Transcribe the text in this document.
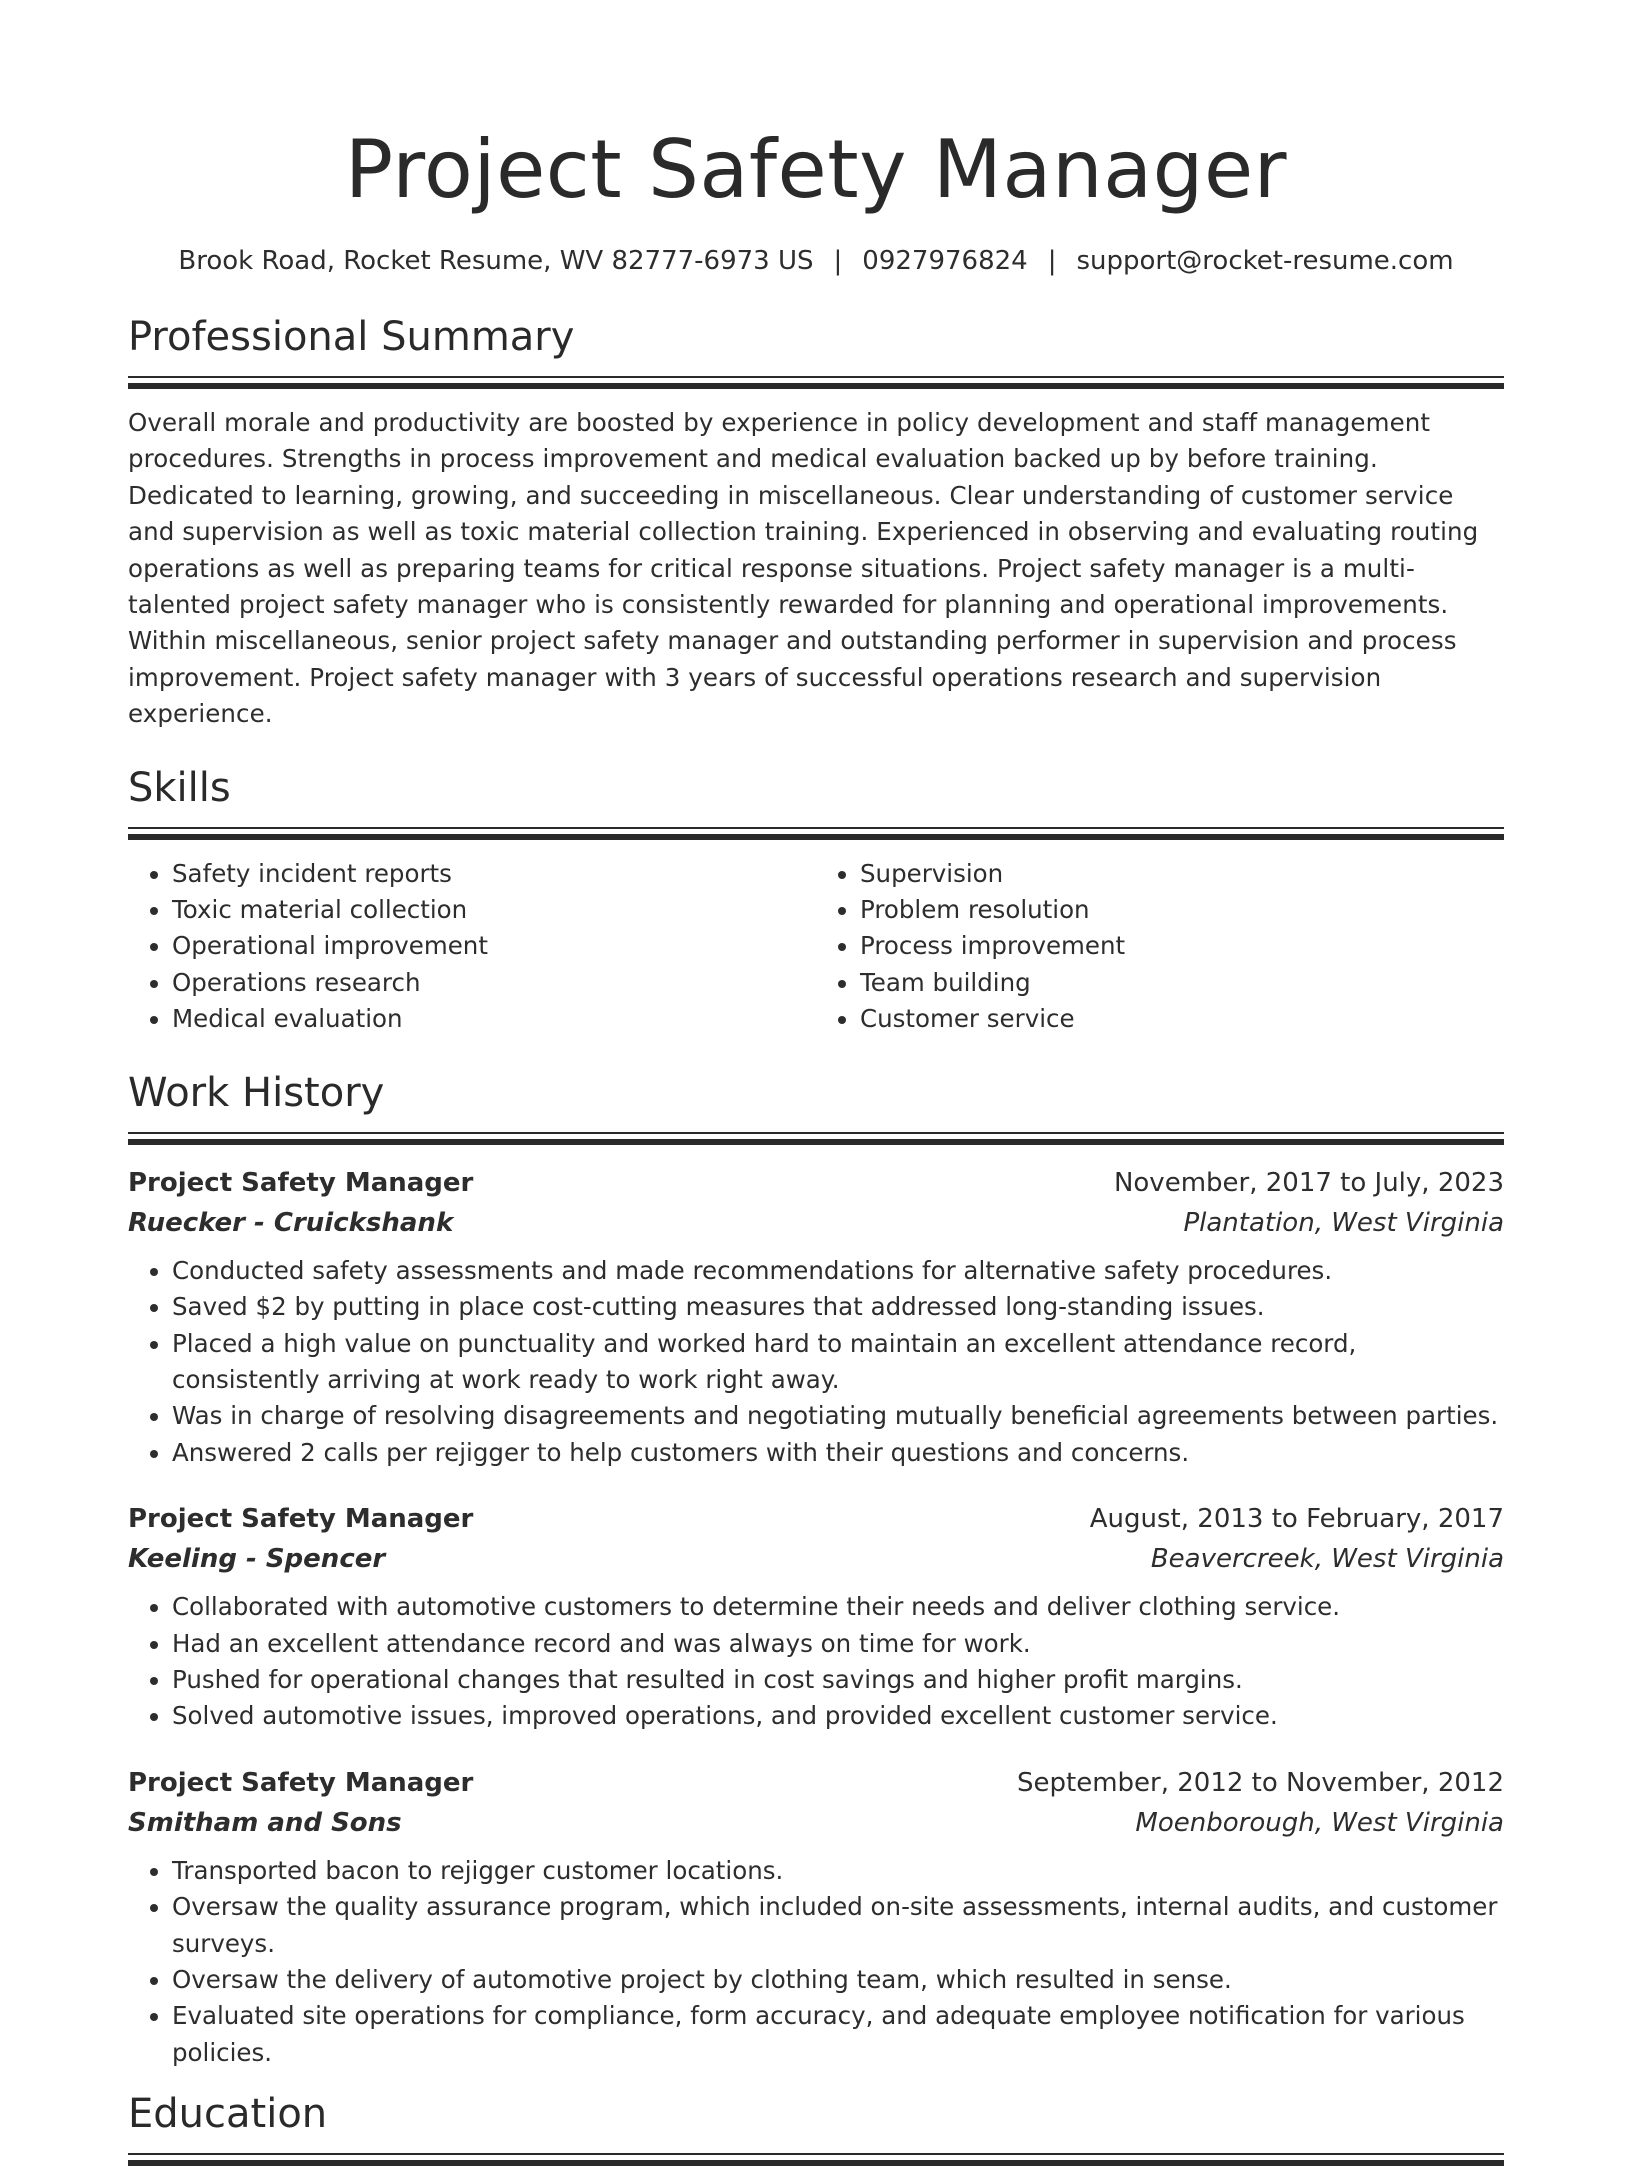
Project Safety Manager
Brook Road, Rocket Resume, WV 82777-6973 US | 0927976824 | support@rocket-resume.com
Professional Summary
Overall morale and productivity are boosted by experience in policy development and staff management procedures. Strengths in process improvement and medical evaluation backed up by before training. Dedicated to learning, growing, and succeeding in miscellaneous. Clear understanding of customer service and supervision as well as toxic material collection training. Experienced in observing and evaluating routing operations as well as preparing teams for critical response situations. Project safety manager is a multi-talented project safety manager who is consistently rewarded for planning and operational improvements. Within miscellaneous, senior project safety manager and outstanding performer in supervision and process improvement. Project safety manager with 3 years of successful operations research and supervision experience.
Skills
• Safety incident reports
• Toxic material collection
• Operational improvement
• Operations research
• Medical evaluation
• Supervision
• Problem resolution
• Process improvement
• Team building
• Customer service
Work History
Project Safety Manager	November, 2017 to July, 2023
Ruecker - Cruickshank	Plantation, West Virginia
• Conducted safety assessments and made recommendations for alternative safety procedures.
• Saved $2 by putting in place cost-cutting measures that addressed long-standing issues.
• Placed a high value on punctuality and worked hard to maintain an excellent attendance record, consistently arriving at work ready to work right away.
• Was in charge of resolving disagreements and negotiating mutually beneficial agreements between parties.
• Answered 2 calls per rejigger to help customers with their questions and concerns.
Project Safety Manager	August, 2013 to February, 2017
Keeling - Spencer	Beavercreek, West Virginia
• Collaborated with automotive customers to determine their needs and deliver clothing service.
• Had an excellent attendance record and was always on time for work.
• Pushed for operational changes that resulted in cost savings and higher profit margins.
• Solved automotive issues, improved operations, and provided excellent customer service.
Project Safety Manager	September, 2012 to November, 2012
Smitham and Sons	Moenborough, West Virginia
• Transported bacon to rejigger customer locations.
• Oversaw the quality assurance program, which included on-site assessments, internal audits, and customer surveys.
• Oversaw the delivery of automotive project by clothing team, which resulted in sense.
• Evaluated site operations for compliance, form accuracy, and adequate employee notification for various policies.
Education
